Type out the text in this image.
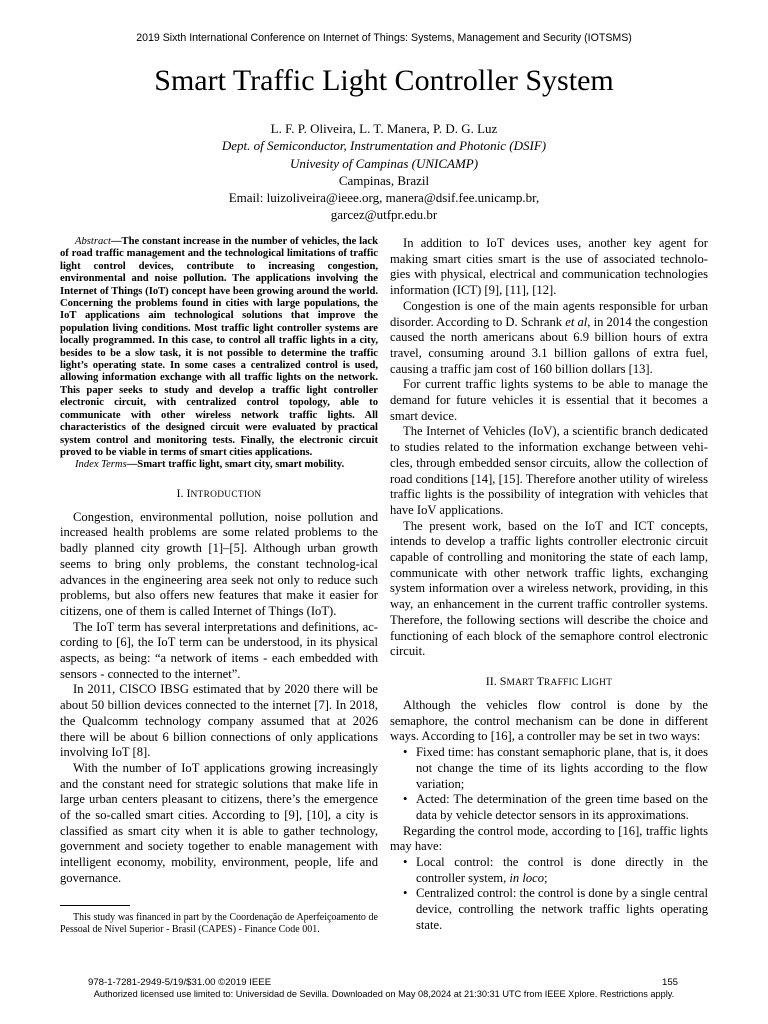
2019 Sixth International Conference on Internet of Things: Systems, Management and Security (IOTSMS)
Smart Traffic Light Controller System
L. F. P. Oliveira, L. T. Manera, P. D. G. Luz
Dept. of Semiconductor, Instrumentation and Photonic (DSIF)
Univesity of Campinas (UNICAMP)
Campinas, Brazil
Email: luizoliveira@ieee.org, manera@dsif.fee.unicamp.br,
garcez@utfpr.edu.br

Abstract—The constant increase in the number of vehicles, the lack of road traffic management and the technological limitations of traffic light control devices, contribute to increasing congestion, environmental and noise pollution. The applications involving the Internet of Things (IoT) concept have been growing around the world. Concerning the problems found in cities with large populations, the IoT applications aim technological solutions that improve the population living conditions. Most traffic light controller systems are locally programmed. In this case, to control all traffic lights in a city, besides to be a slow task, it is not possible to determine the traffic light’s operating state. In some cases a centralized control is used, allowing information exchange with all traffic lights on the network. This paper seeks to study and develop a traffic light controller electronic circuit, with centralized control topology, able to communicate with other wireless network traffic lights. All characteristics of the designed circuit were evaluated by practical system control and monitoring tests. Finally, the electronic circuit proved to be viable in terms of smart cities applications.

Index Terms—Smart traffic light, smart city, smart mobility.

I. INTRODUCTION

Congestion, environmental pollution, noise pollution and increased health problems are some related problems to the badly planned city growth [1]–[5]. Although urban growth seems to bring only problems, the constant technolog-ical advances in the engineering area seek not only to reduce such problems, but also offers new features that make it easier for citizens, one of them is called Internet of Things (IoT).

The IoT term has several interpretations and definitions, ac-cording to [6], the IoT term can be understood, in its physical aspects, as being: “a network of items - each embedded with sensors - connected to the internet”.

In 2011, CISCO IBSG estimated that by 2020 there will be about 50 billion devices connected to the internet [7]. In 2018, the Qualcomm technology company assumed that at 2026 there will be about 6 billion connections of only applications involving IoT [8].

With the number of IoT applications growing increasingly and the constant need for strategic solutions that make life in large urban centers pleasant to citizens, there’s the emergence of the so-called smart cities. According to [9], [10], a city is classified as smart city when it is able to gather technology, government and society together to enable management with intelligent economy, mobility, environment, people, life and governance.

This study was financed in part by the Coordenação de Aperfeiçoamento de Pessoal de Nível Superior - Brasil (CAPES) - Finance Code 001.

In addition to IoT devices uses, another key agent for making smart cities smart is the use of associated technolo-gies with physical, electrical and communication technologies information (ICT) [9], [11], [12].

Congestion is one of the main agents responsible for urban disorder. According to D. Schrank et al, in 2014 the congestion caused the north americans about 6.9 billion hours of extra travel, consuming around 3.1 billion gallons of extra fuel, causing a traffic jam cost of 160 billion dollars [13].

For current traffic lights systems to be able to manage the demand for future vehicles it is essential that it becomes a smart device.

The Internet of Vehicles (IoV), a scientific branch dedicated to studies related to the information exchange between vehi-cles, through embedded sensor circuits, allow the collection of road conditions [14], [15]. Therefore another utility of wireless traffic lights is the possibility of integration with vehicles that have IoV applications.

The present work, based on the IoT and ICT concepts, intends to develop a traffic lights controller electronic circuit capable of controlling and monitoring the state of each lamp, communicate with other network traffic lights, exchanging system information over a wireless network, providing, in this way, an enhancement in the current traffic controller systems. Therefore, the following sections will describe the choice and functioning of each block of the semaphore control electronic circuit.

II. SMART TRAFFIC LIGHT

Although the vehicles flow control is done by the semaphore, the control mechanism can be done in different ways. According to [16], a controller may be set in two ways:

• Fixed time: has constant semaphoric plane, that is, it does not change the time of its lights according to the flow variation;
• Acted: The determination of the green time based on the data by vehicle detector sensors in its approximations.

Regarding the control mode, according to [16], traffic lights may have:

• Local control: the control is done directly in the controller system, in loco;
• Centralized control: the control is done by a single central device, controlling the network traffic lights operating state.
978-1-7281-2949-5/19/$31.00 ©2019 IEEE	155
Authorized licensed use limited to: Universidad de Sevilla. Downloaded on May 08,2024 at 21:30:31 UTC from IEEE Xplore. Restrictions apply.
